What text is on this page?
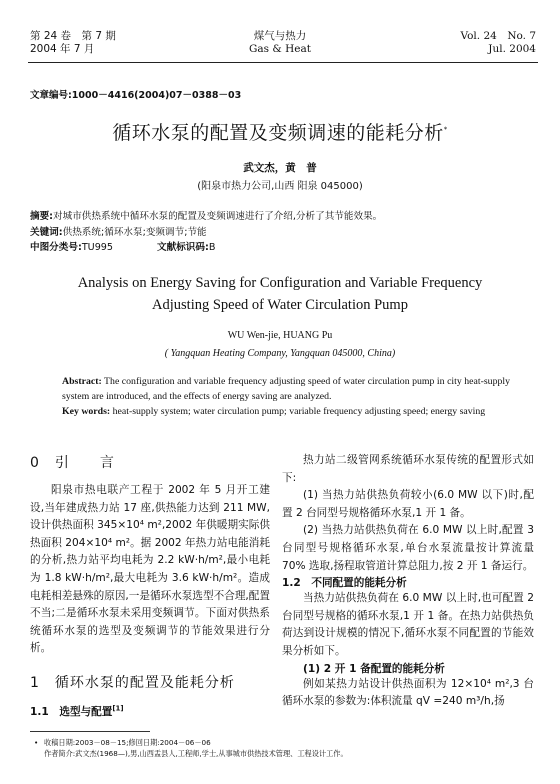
第 24 卷　第 7 期
2004 年 7 月
煤气与热力
Gas & Heat
Vol. 24　No. 7
Jul. 2004
文章编号:1000－4416(2004)07－0388－03
循环水泵的配置及变频调速的能耗分析*
武文杰，黄　普
(阳泉市热力公司,山西 阳泉 045000)
摘要:对城市供热系统中循环水泵的配置及变频调速进行了介绍,分析了其节能效果。
关键词:供热系统;循环水泵;变频调节;节能
中图分类号:TU995	文献标识码:B
Analysis on Energy Saving for Configuration and Variable Frequency
Adjusting Speed of Water Circulation Pump
WU Wen-jie, HUANG Pu
( Yangquan Heating Company, Yangquan 045000, China)
Abstract: The configuration and variable frequency adjusting speed of water circulation pump in city heat-supply system are introduced, and the effects of energy saving are analyzed.
Key words: heat-supply system; water circulation pump; variable frequency adjusting speed; energy saving
0　引　　言
阳泉市热电联产工程于 2002 年 5 月开工建设,当年建成热力站 17 座,供热能力达到 211 MW,设计供热面积 345×10⁴ m²,2002 年供暖期实际供热面积 204×10⁴ m²。据 2002 年热力站电能消耗的分析,热力站平均电耗为 2.2 kW·h/m²,最小电耗为 1.8 kW·h/m²,最大电耗为 3.6 kW·h/m²。造成电耗相差悬殊的原因,一是循环水泵选型不合理,配置不当;二是循环水泵未采用变频调节。下面对供热系统循环水泵的选型及变频调节的节能效果进行分析。
1　循环水泵的配置及能耗分析
1.1　选型与配置[1]
热力站二级管网系统循环水泵传统的配置形式如下:
(1) 当热力站供热负荷较小(6.0 MW 以下)时,配置 2 台同型号规格循环水泵,1 开 1 备。
(2) 当热力站供热负荷在 6.0 MW 以上时,配置 3 台同型号规格循环水泵,单台水泵流量按计算流量 70% 选取,扬程取管道计算总阻力,按 2 开 1 备运行。
1.2　不同配置的能耗分析
当热力站供热负荷在 6.0 MW 以上时,也可配置 2 台同型号规格的循环水泵,1 开 1 备。在热力站供热负荷达到设计规模的情况下,循环水泵不同配置的节能效果分析如下。
(1) 2 开 1 备配置的能耗分析
例如某热力站设计供热面积为 12×10⁴ m²,3 台循环水泵的参数为:体积流量 qV =240 m³/h,扬
• 收稿日期:2003－08－15;修回日期:2004－06－06
作者简介:武文杰(1968—),男,山西盂县人,工程师,学士,从事城市供热技术管理、工程设计工作。
